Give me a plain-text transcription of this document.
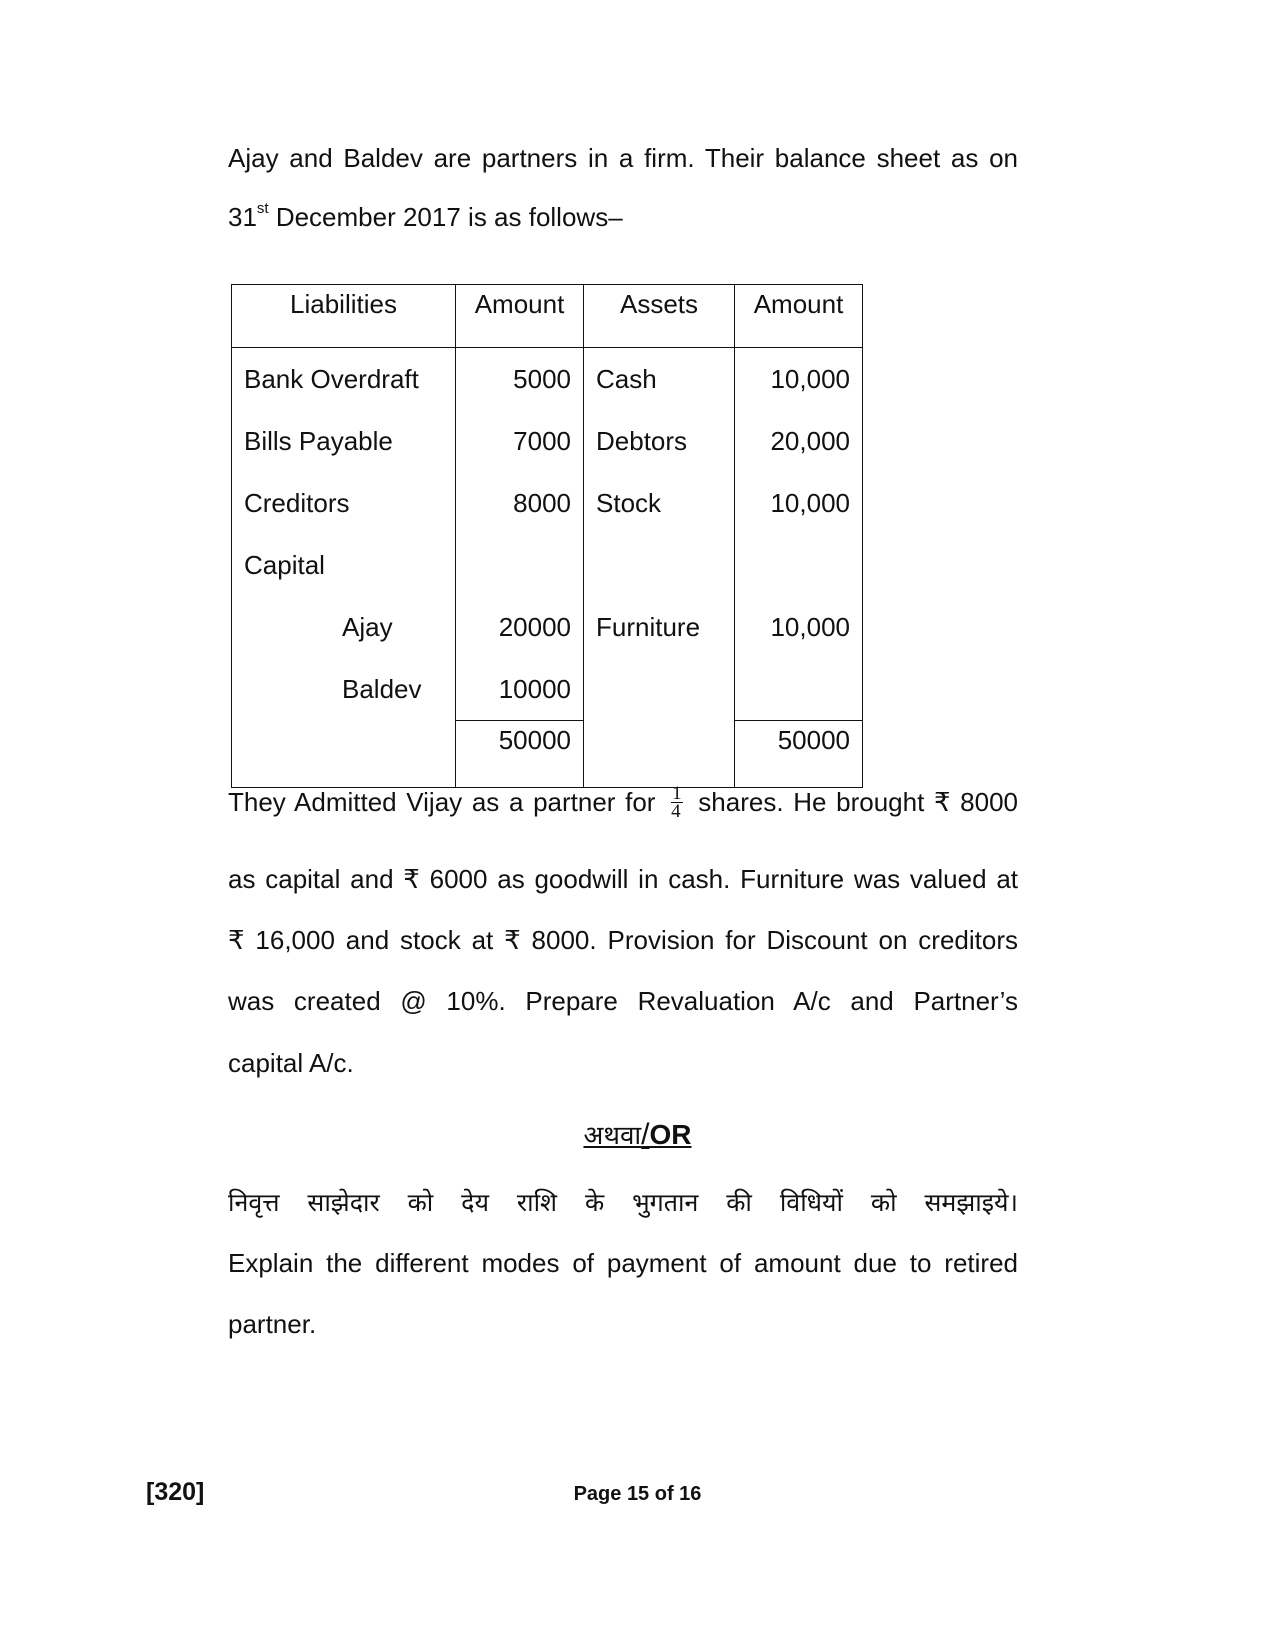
Ajay and Baldev are partners in a firm. Their balance sheet as on
31st December 2017 is as follows–
Liabilities	Amount	Assets	Amount
Bank Overdraft	5000	Cash	10,000
Bills Payable	7000	Debtors	20,000
Creditors	8000	Stock	10,000
Capital			
Ajay	20000	Furniture	10,000
Baldev	10000		
	50000		50000
They Admitted Vijay as a partner for $\frac{1}{4}$ shares. He brought ₹ 8000
as capital and ₹ 6000 as goodwill in cash. Furniture was valued at
₹ 16,000 and stock at ₹ 8000. Provision for Discount on creditors
was created @ 10%. Prepare Revaluation A/c and Partner’s
capital A/c.
अथवा/OR
निवृत्त साझेदार को देय राशि के भुगतान की विधियों को समझाइये।
Explain the different modes of payment of amount due to retired
partner.
[320]	Page 15 of 16
